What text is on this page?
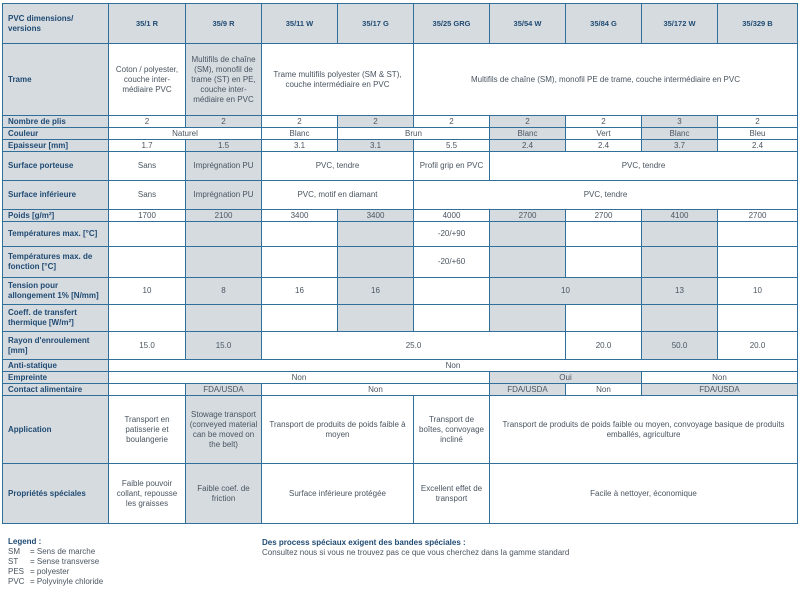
PVC dimensions/ versions	35/1 R	35/9 R	35/11 W	35/17 G	35/25 GRG	35/54 W	35/84 G	35/172 W	35/329 B
Trame	Coton / polyester, couche inter-médiaire PVC	Multifils de chaîne (SM), monofil de trame (ST) en PE, couche inter-médiaire en PVC	Trame multifils polyester (SM & ST), couche intermédiaire en PVC		Multifils de chaîne (SM), monofil PE de trame, couche intermédiaire en PVC				
Nombre de plis	2	2	2	2	2	2	2	3	2
Couleur	Naturel		Blanc	Brun		Blanc	Vert	Blanc	Bleu
Epaisseur [mm]	1.7	1.5	3.1	3.1	5.5	2.4	2.4	3.7	2.4
Surface porteuse	Sans	Imprégnation PU	PVC, tendre		Profil grip en PVC	PVC, tendre			
Surface inférieure	Sans	Imprégnation PU	PVC, motif en diamant		PVC, tendre				
Poids [g/m²]	1700	2100	3400	3400	4000	2700	2700	4100	2700
Températures max. [°C]					-20/+90				
Températures max. de fonction [°C]					-20/+60				
Tension pour allongement 1% [N/mm]	10	8	16	16		10		13	10
Coeff. de transfert thermique [W/m²]									
Rayon d'enroulement [mm]	15.0	15.0	25.0				20.0	50.0	20.0
Anti-statique	Non								
Empreinte	Non					Oui		Non	
Contact alimentaire		FDA/USDA	Non			FDA/USDA	Non	FDA/USDA	
Application	Transport en patisserie et boulangerie	Stowage transport (conveyed material can be moved on the belt)	Transport de produits de poids faible à moyen		Transport de boîtes, convoyage incliné	Transport de produits de poids faible ou moyen, convoyage basique de produits emballés, agriculture			
Propriétés spéciales	Faible pouvoir collant, repousse les graisses	Faible coef. de friction	Surface inférieure protégée		Excellent effet de transport	Facile à nettoyer, économique			
Legend :
SM = Sens de marche
ST = Sense transverse
PES = polyester
PVC = Polyvinyle chloride
Des process spéciaux exigent des bandes spéciales :
Consultez nous si vous ne trouvez pas ce que vous cherchez dans la gamme standard
